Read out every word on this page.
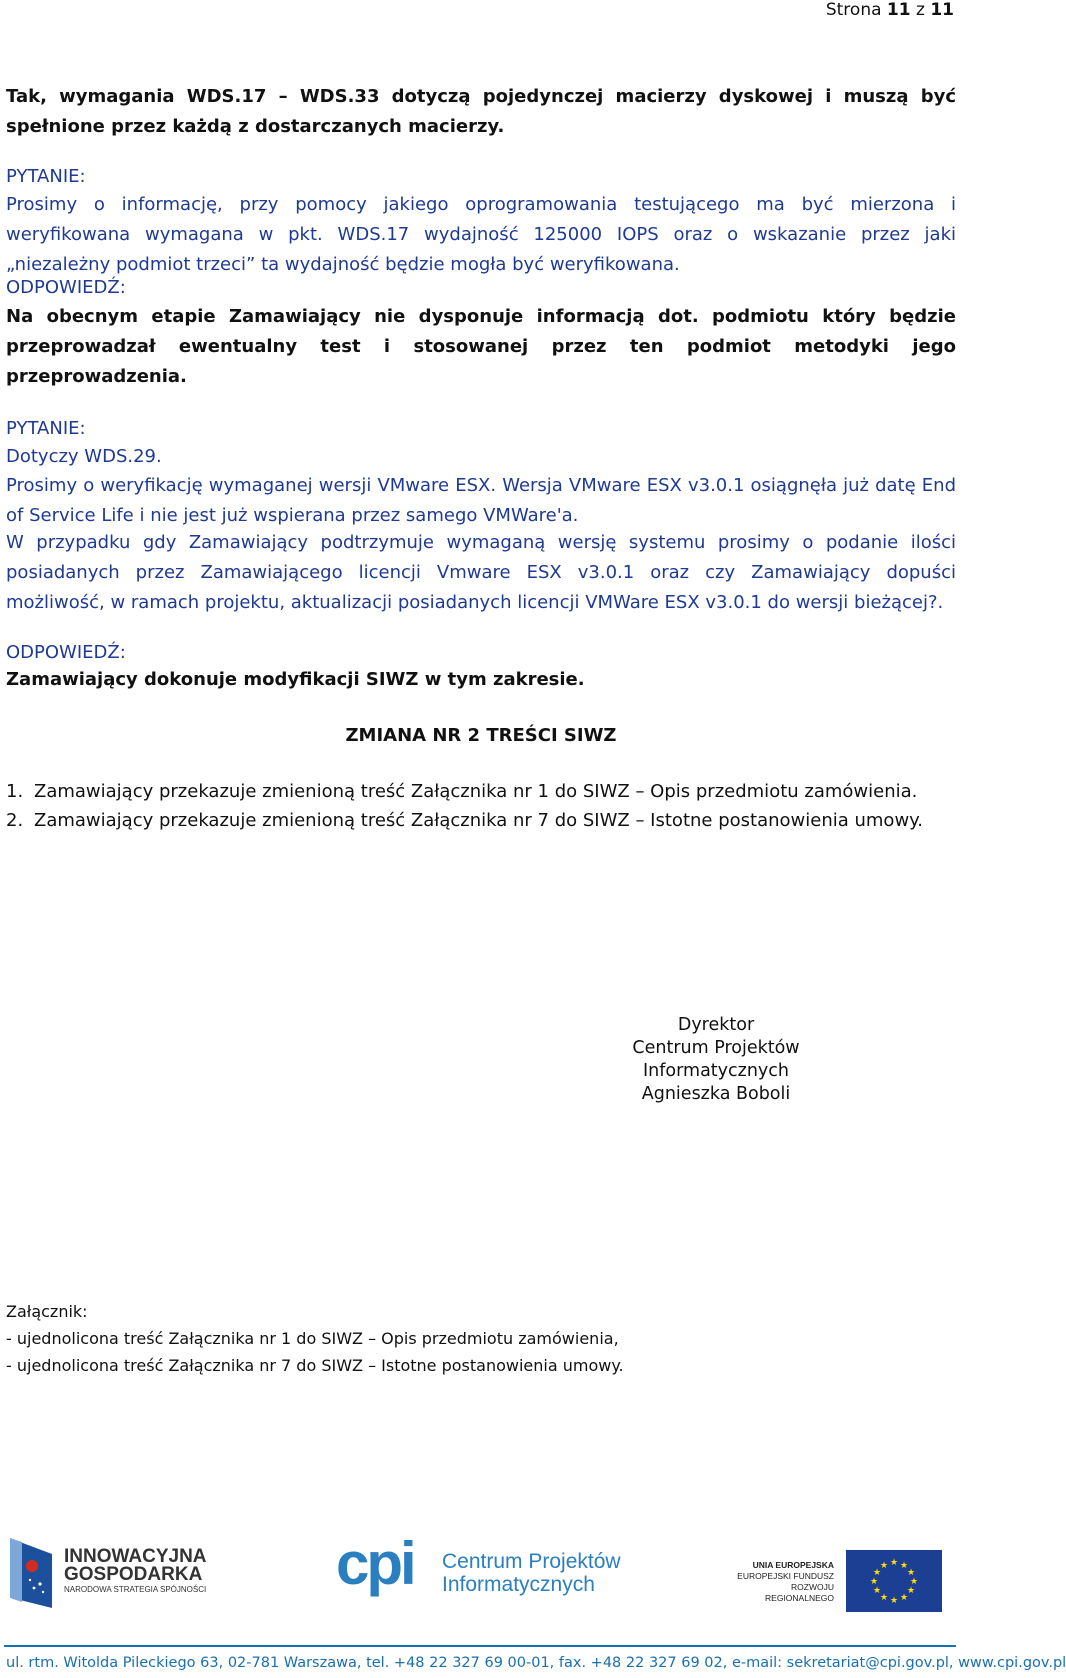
Strona 11 z 11
Tak, wymagania WDS.17 – WDS.33 dotyczą pojedynczej macierzy dyskowej i muszą być spełnione przez każdą z dostarczanych macierzy.
PYTANIE:
Prosimy o informację, przy pomocy jakiego oprogramowania testującego ma być mierzona i weryfikowana wymagana w pkt. WDS.17 wydajność 125000 IOPS oraz o wskazanie przez jaki „niezależny podmiot trzeci” ta wydajność będzie mogła być weryfikowana.
ODPOWIEDŹ:
Na obecnym etapie Zamawiający nie dysponuje informacją dot. podmiotu który będzie przeprowadzał ewentualny test i stosowanej przez ten podmiot metodyki jego przeprowadzenia.
PYTANIE:
Dotyczy WDS.29.
Prosimy o weryfikację wymaganej wersji VMware ESX. Wersja VMware ESX v3.0.1 osiągnęła już datę End of Service Life i nie jest już wspierana przez samego VMWare'a.
W przypadku gdy Zamawiający podtrzymuje wymaganą wersję systemu prosimy o podanie ilości posiadanych przez Zamawiającego licencji Vmware ESX v3.0.1 oraz czy Zamawiający dopuści możliwość, w ramach projektu, aktualizacji posiadanych licencji VMWare ESX v3.0.1 do wersji bieżącej?.
ODPOWIEDŹ:
Zamawiający dokonuje modyfikacji SIWZ w tym zakresie.
ZMIANA NR 2 TREŚCI SIWZ
1. Zamawiający przekazuje zmienioną treść Załącznika nr 1 do SIWZ – Opis przedmiotu zamówienia.
2. Zamawiający przekazuje zmienioną treść Załącznika nr 7 do SIWZ – Istotne postanowienia umowy.
Dyrektor
Centrum Projektów
Informatycznych
Agnieszka Boboli
Załącznik:
- ujednolicona treść Załącznika nr 1 do SIWZ – Opis przedmiotu zamówienia,
- ujednolicona treść Załącznika nr 7 do SIWZ – Istotne postanowienia umowy.
INNOWACYJNA
GOSPODARKA
NARODOWA STRATEGIA SPÓJNOŚCI cpi Centrum Projektów
Informatycznych
UNIA EUROPEJSKA
EUROPEJSKI FUNDUSZ
ROZWOJU REGIONALNEGO
★ ★
★
★
★
★
★
★
★
★
★
★
ul. rtm. Witolda Pileckiego 63, 02-781 Warszawa, tel. +48 22 327 69 00-01, fax. +48 22 327 69 02, e-mail: sekretariat@cpi.gov.pl, www.cpi.gov.pl
